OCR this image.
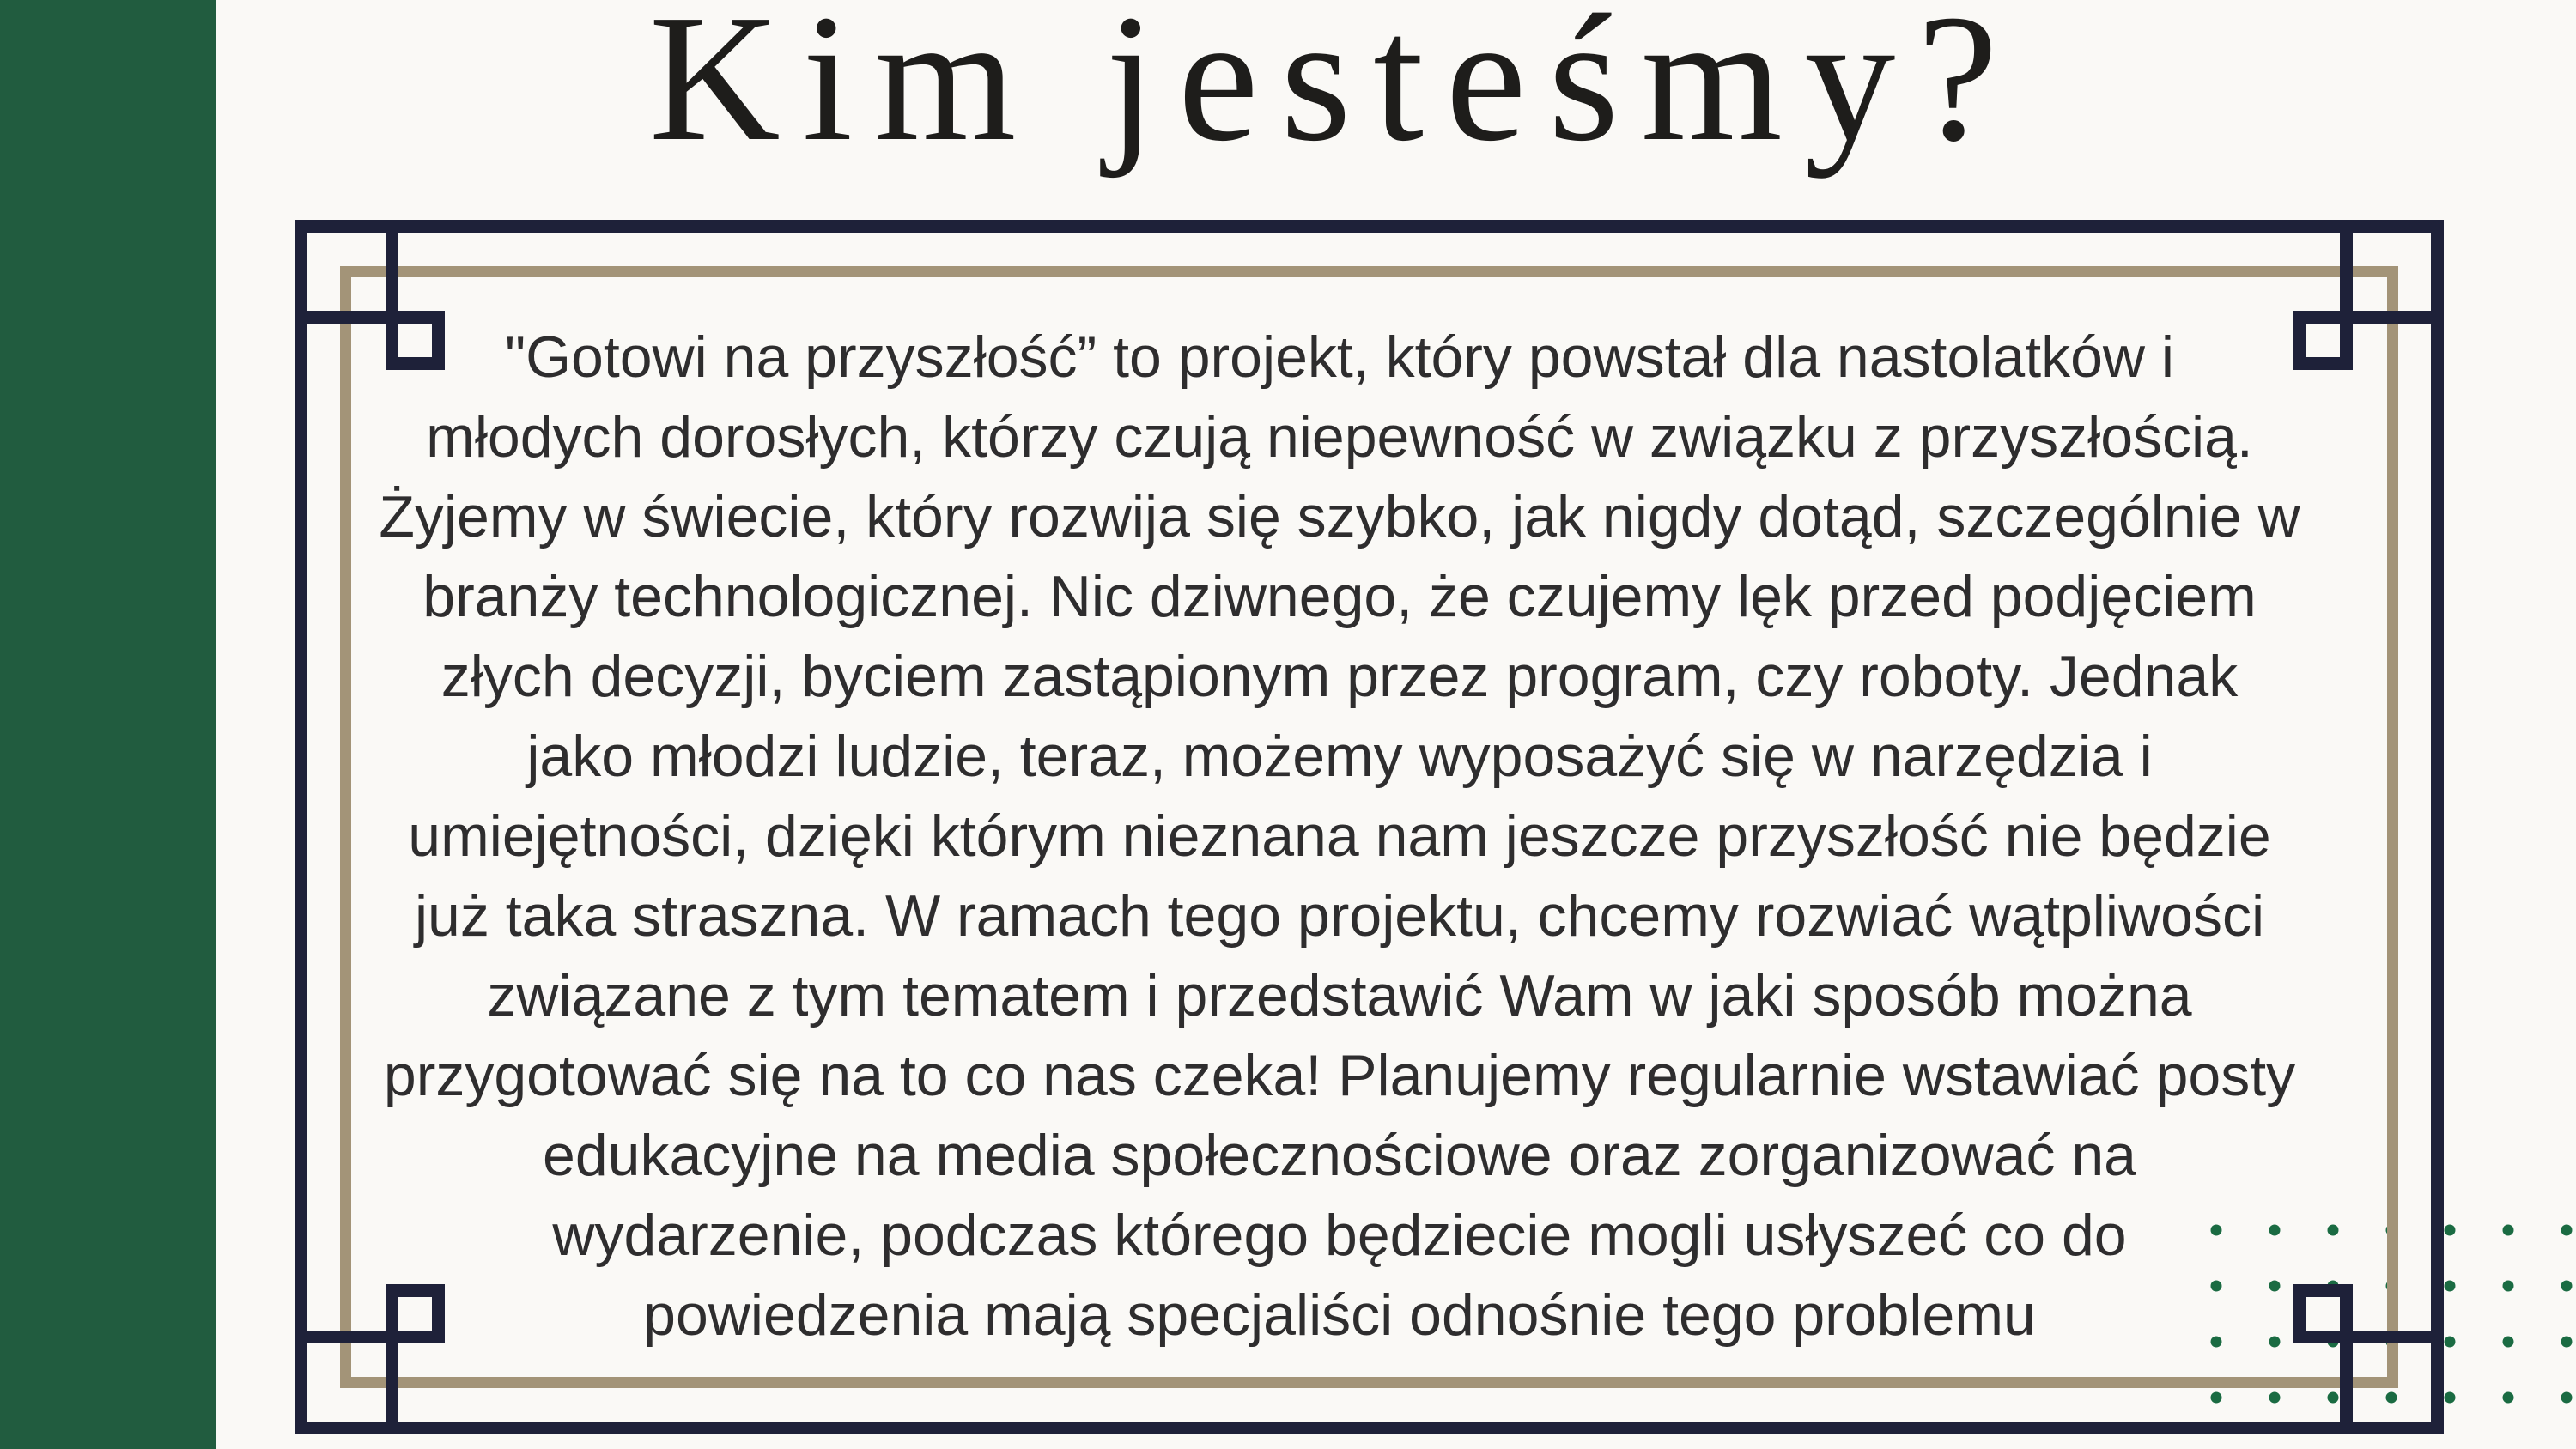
Kim jesteśmy?
"Gotowi na przyszłość” to projekt, który powstał dla nastolatków i
młodych dorosłych, którzy czują niepewność w związku z przyszłością.
Żyjemy w świecie, który rozwija się szybko, jak nigdy dotąd, szczególnie w
branży technologicznej. Nic dziwnego, że czujemy lęk przed podjęciem
złych decyzji, byciem zastąpionym przez program, czy roboty. Jednak
jako młodzi ludzie, teraz, możemy wyposażyć się w narzędzia i
umiejętności, dzięki którym nieznana nam jeszcze przyszłość nie będzie
już taka straszna. W ramach tego projektu, chcemy rozwiać wątpliwości
związane z tym tematem i przedstawić Wam w jaki sposób można
przygotować się na to co nas czeka! Planujemy regularnie wstawiać posty
edukacyjne na media społecznościowe oraz zorganizować na
wydarzenie, podczas którego będziecie mogli usłyszeć co do
powiedzenia mają specjaliści odnośnie tego problemu
